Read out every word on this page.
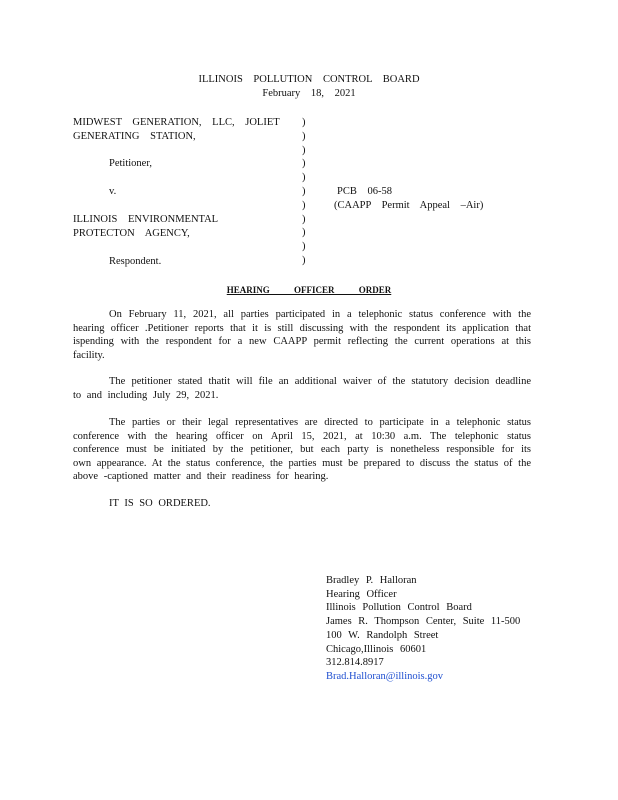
ILLINOIS POLLUTION CONTROL BOARD
February 18, 2021
MIDWEST GENERATION, LLC, JOLIET
GENERATING STATION,
Petitioner,
v.
ILLINOIS ENVIRONMENTAL
PROTECTON AGENCY,
Respondent.
)
)
)
)
)
)
)
)
)
)
)
PCB 06-58
(CAAPP Permit Appeal –Air)
HEARING OFFICER ORDER
On February 11, 2021, all parties participated in a telephonic status conference with the hearing officer .Petitioner reports that it is still discussing with the respondent its application that ispending with the respondent for a new CAAPP permit reflecting the current operations at this facility.
The petitioner stated thatit will file an additional waiver of the statutory decision deadline to and including July 29, 2021.
The parties or their legal representatives are directed to participate in a telephonic status conference with the hearing officer on April 15, 2021, at 10:30 a.m. The telephonic status conference must be initiated by the petitioner, but each party is nonetheless responsible for its own appearance. At the status conference, the parties must be prepared to discuss the status of the above -captioned matter and their readiness for hearing.
IT IS SO ORDERED.
Bradley P. Halloran
Hearing Officer
Illinois Pollution Control Board
James R. Thompson Center, Suite 11-500
100 W. Randolph Street
Chicago,Illinois 60601
312.814.8917
Brad.Halloran@illinois.gov
